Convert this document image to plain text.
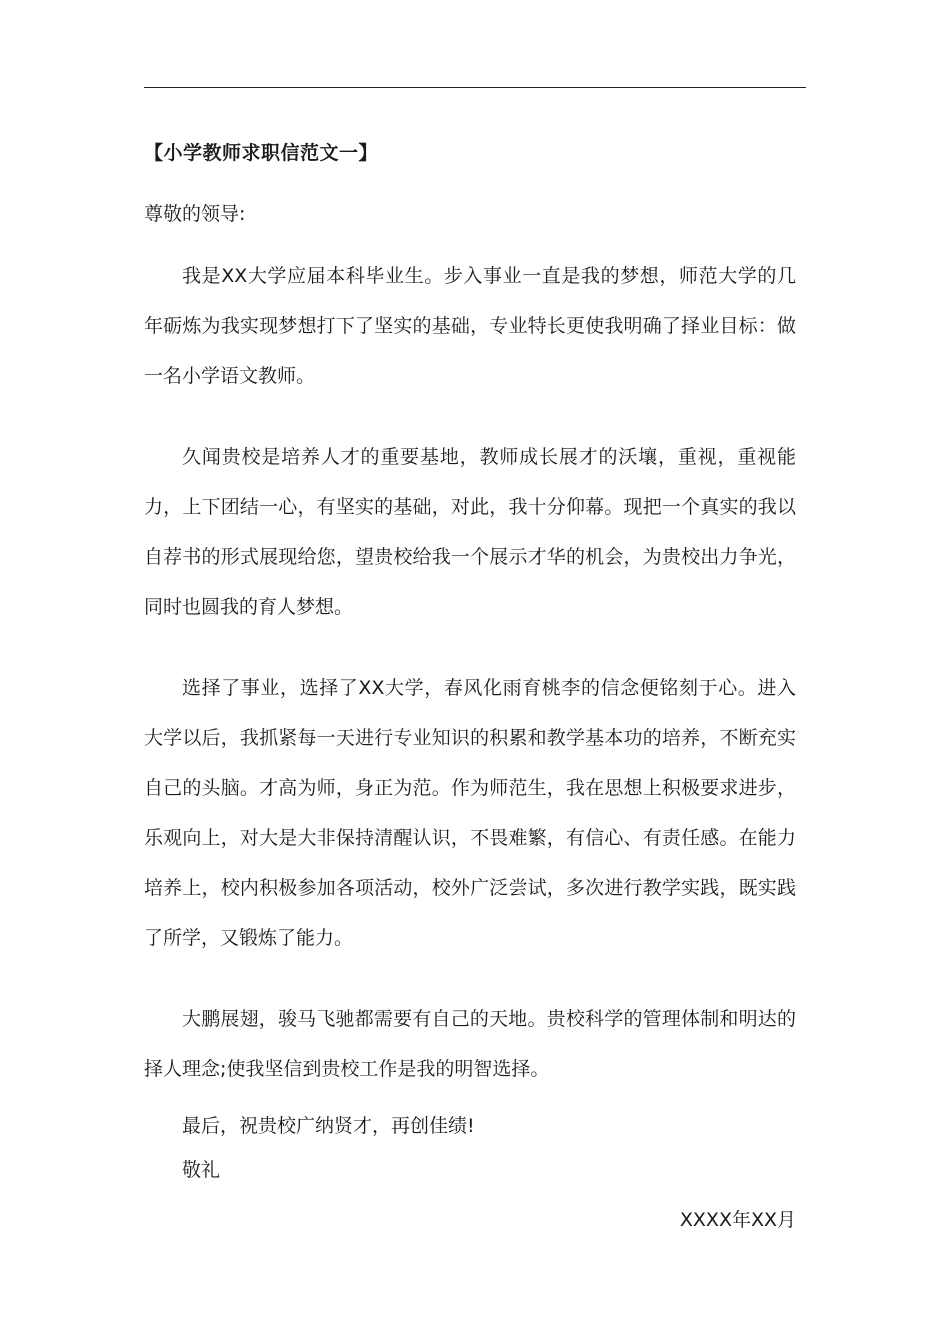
【小学教师求职信范文一】

尊敬的领导:

我是XX大学应届本科毕业生。步入事业一直是我的梦想，师范大学的几年砺炼为我实现梦想打下了坚实的基础，专业特长更使我明确了择业目标：做一名小学语文教师。

久闻贵校是培养人才的重要基地，教师成长展才的沃壤，重视，重视能力，上下团结一心，有坚实的基础，对此，我十分仰幕。现把一个真实的我以自荐书的形式展现给您，望贵校给我一个展示才华的机会，为贵校出力争光，同时也圆我的育人梦想。

选择了事业，选择了XX大学，春风化雨育桃李的信念便铭刻于心。进入大学以后，我抓紧每一天进行专业知识的积累和教学基本功的培养，不断充实自己的头脑。才高为师，身正为范。作为师范生，我在思想上积极要求进步，乐观向上，对大是大非保持清醒认识，不畏难繁，有信心、有责任感。在能力培养上，校内积极参加各项活动，校外广泛尝试，多次进行教学实践，既实践了所学，又锻炼了能力。

大鹏展翅，骏马飞驰都需要有自己的天地。贵校科学的管理体制和明达的择人理念;使我坚信到贵校工作是我的明智选择。

最后，祝贵校广纳贤才，再创佳绩!

敬礼

XXXX年XX月
